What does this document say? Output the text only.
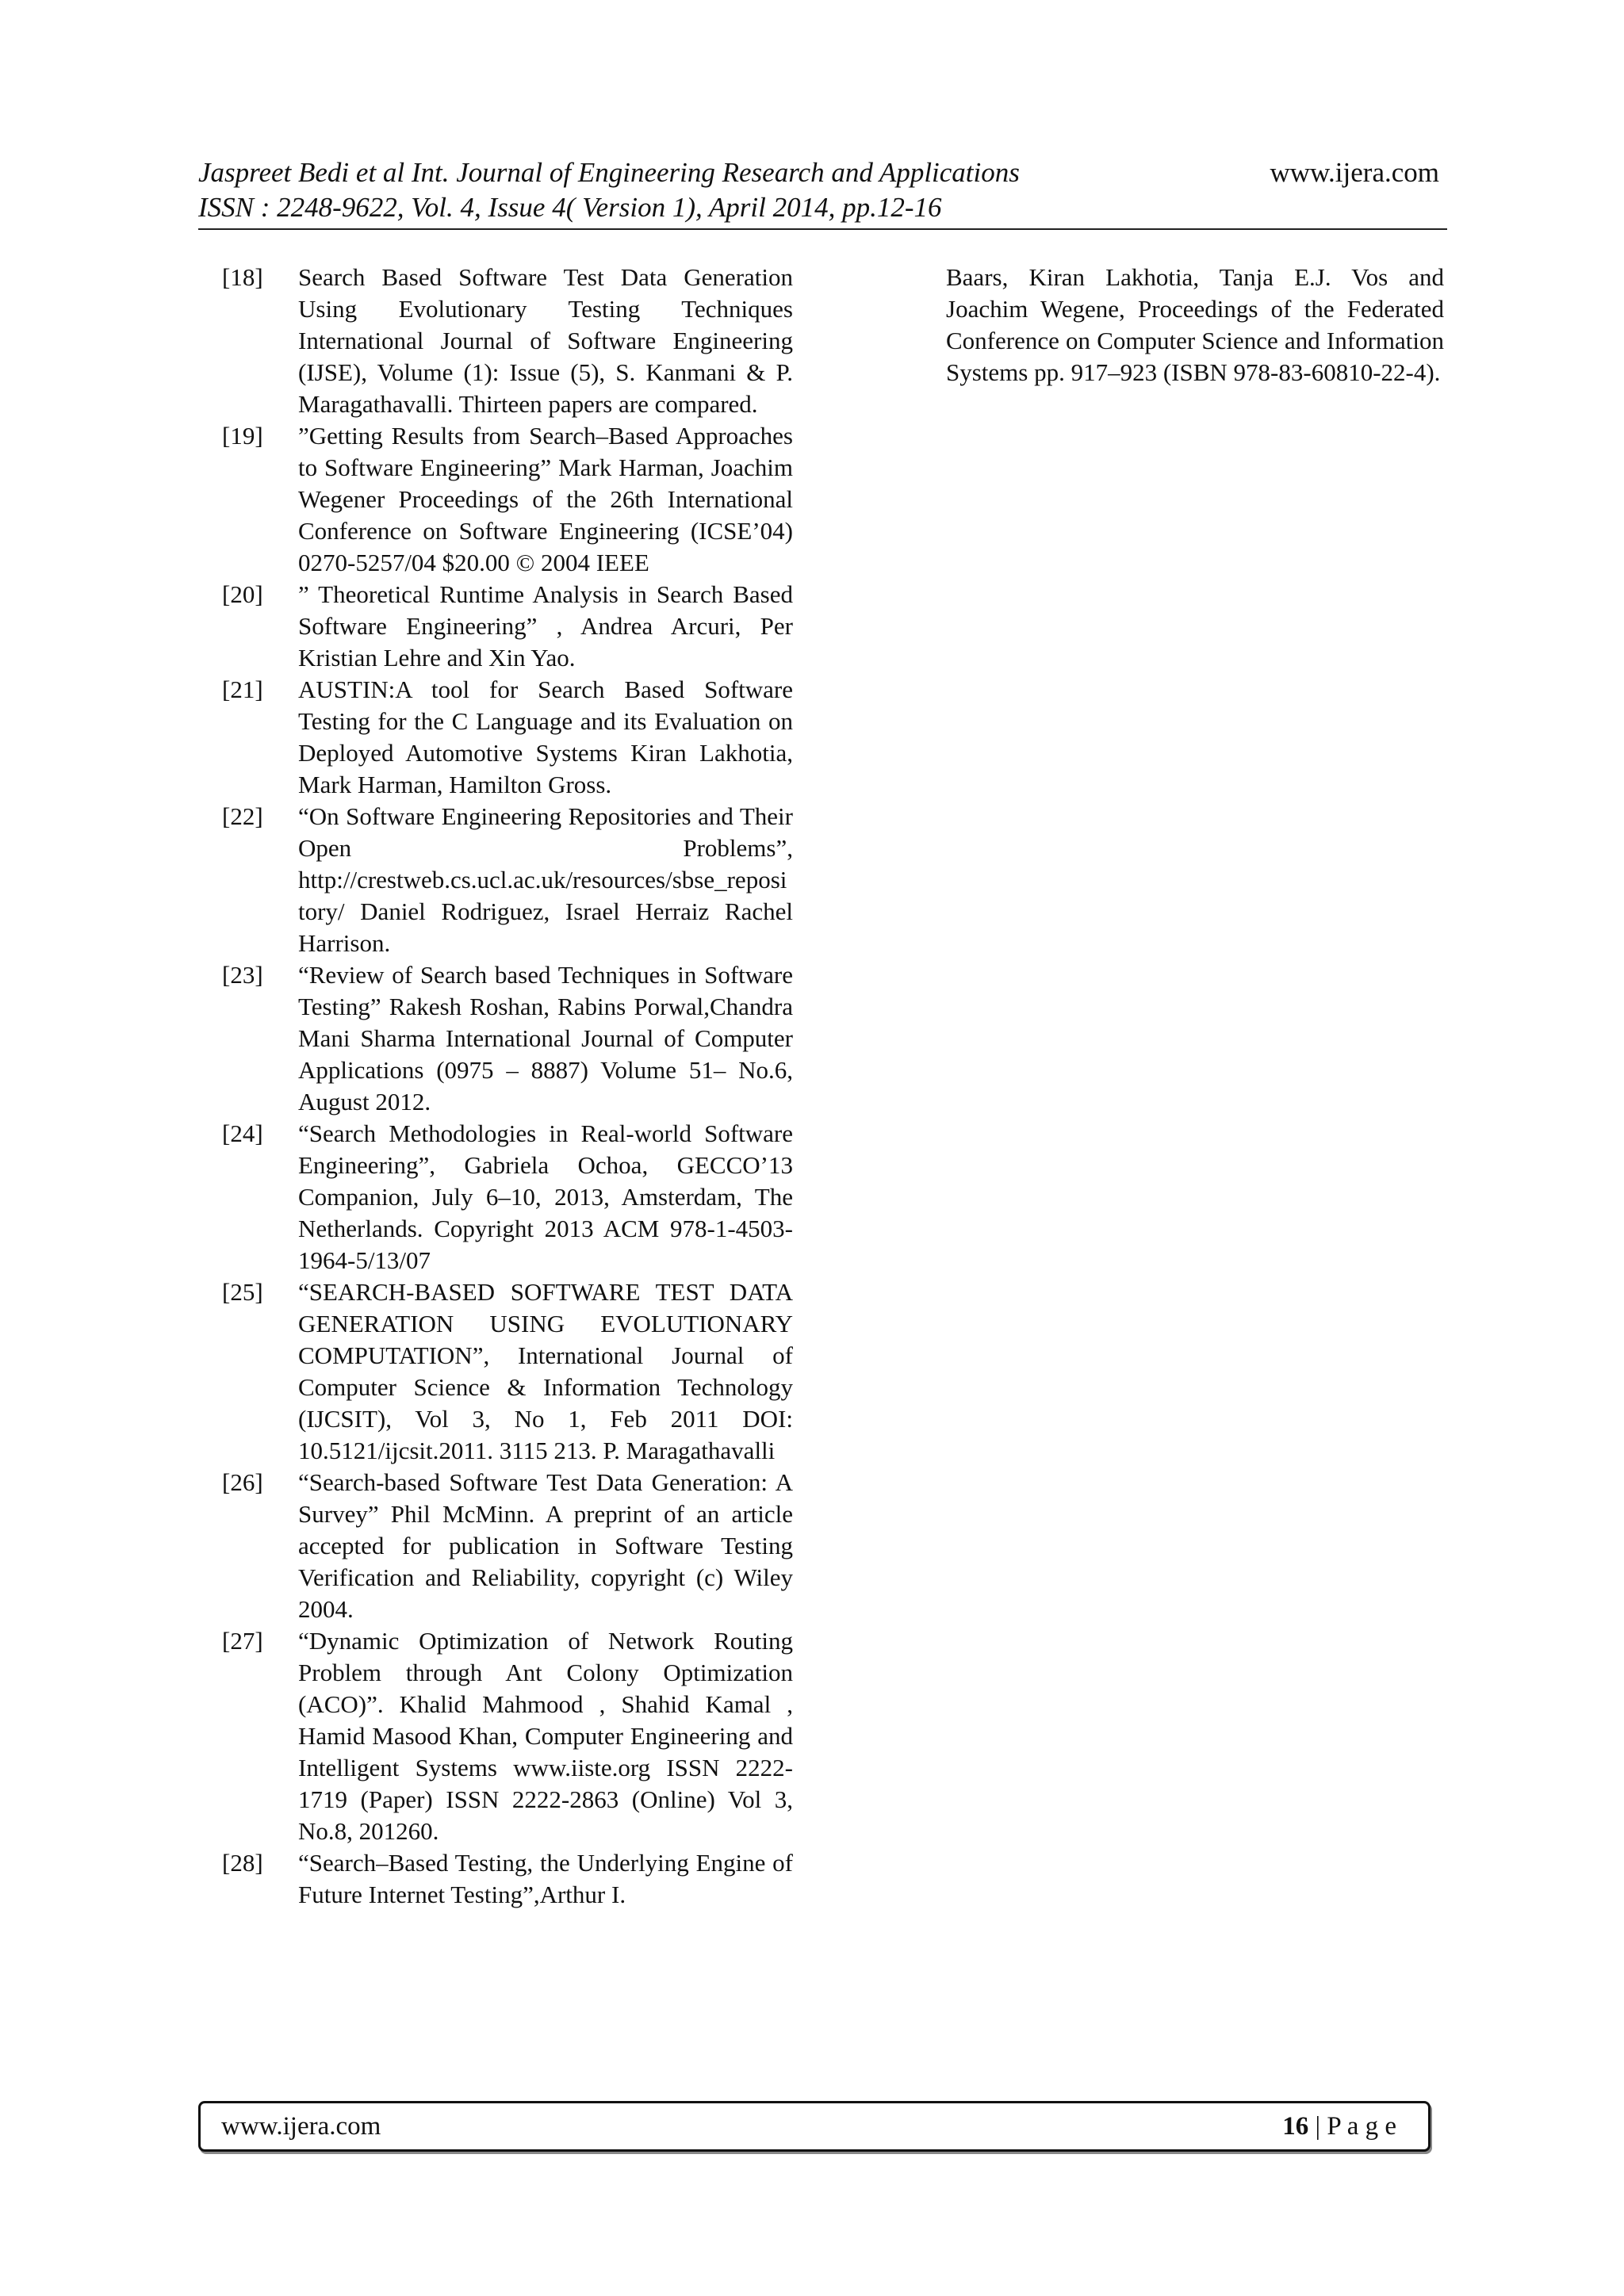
Jaspreet Bedi et al Int. Journal of Engineering Research and Applications
ISSN : 2248-9622, Vol. 4, Issue 4( Version 1), April 2014, pp.12-16
www.ijera.com
[18]	Search Based Software Test Data Generation Using Evolutionary Testing Techniques International Journal of Software Engineering (IJSE), Volume (1): Issue (5), S. Kanmani & P. Maragathavalli. Thirteen papers are compared.
[19]	”Getting Results from Search–Based Approaches to Software Engineering” Mark Harman, Joachim Wegener Proceedings of the 26th International Conference on Software Engineering (ICSE’04) 0270-5257/04 $20.00 © 2004 IEEE
[20]	” Theoretical Runtime Analysis in Search Based Software Engineering” , Andrea Arcuri, Per Kristian Lehre and Xin Yao.
[21]	AUSTIN:A tool for Search Based Software Testing for the C Language and its Evaluation on Deployed Automotive Systems Kiran Lakhotia, Mark Harman, Hamilton Gross.
[22]	“On Software Engineering Repositories and Their Open Problems”, http://crestweb.cs.ucl.ac.uk/resources/sbse_repository/ Daniel Rodriguez, Israel Herraiz Rachel Harrison.
[23]	“Review of Search based Techniques in Software Testing” Rakesh Roshan, Rabins Porwal,Chandra Mani Sharma International Journal of Computer Applications (0975 – 8887) Volume 51– No.6, August 2012.
[24]	“Search Methodologies in Real-world Software Engineering”, Gabriela Ochoa, GECCO’13 Companion, July 6–10, 2013, Amsterdam, The Netherlands. Copyright 2013 ACM 978-1-4503-1964-5/13/07
[25]	“SEARCH-BASED SOFTWARE TEST DATA GENERATION USING EVOLUTIONARY COMPUTATION”, International Journal of Computer Science & Information Technology (IJCSIT), Vol 3, No 1, Feb 2011 DOI: 10.5121/ijcsit.2011. 3115 213. P. Maragathavalli
[26]	“Search-based Software Test Data Generation: A Survey” Phil McMinn. A preprint of an article accepted for publication in Software Testing Verification and Reliability, copyright (c) Wiley 2004.
[27]	“Dynamic Optimization of Network Routing Problem through Ant Colony Optimization (ACO)”. Khalid Mahmood , Shahid Kamal , Hamid Masood Khan, Computer Engineering and Intelligent Systems www.iiste.org ISSN 2222-1719 (Paper) ISSN 2222-2863 (Online) Vol 3, No.8, 201260.
[28]	“Search–Based Testing, the Underlying Engine of Future Internet Testing”,Arthur I.
Baars, Kiran Lakhotia, Tanja E.J. Vos and Joachim Wegene, Proceedings of the Federated Conference on Computer Science and Information Systems pp. 917–923 (ISBN 978-83-60810-22-4).
www.ijera.com	16 | P a g e
